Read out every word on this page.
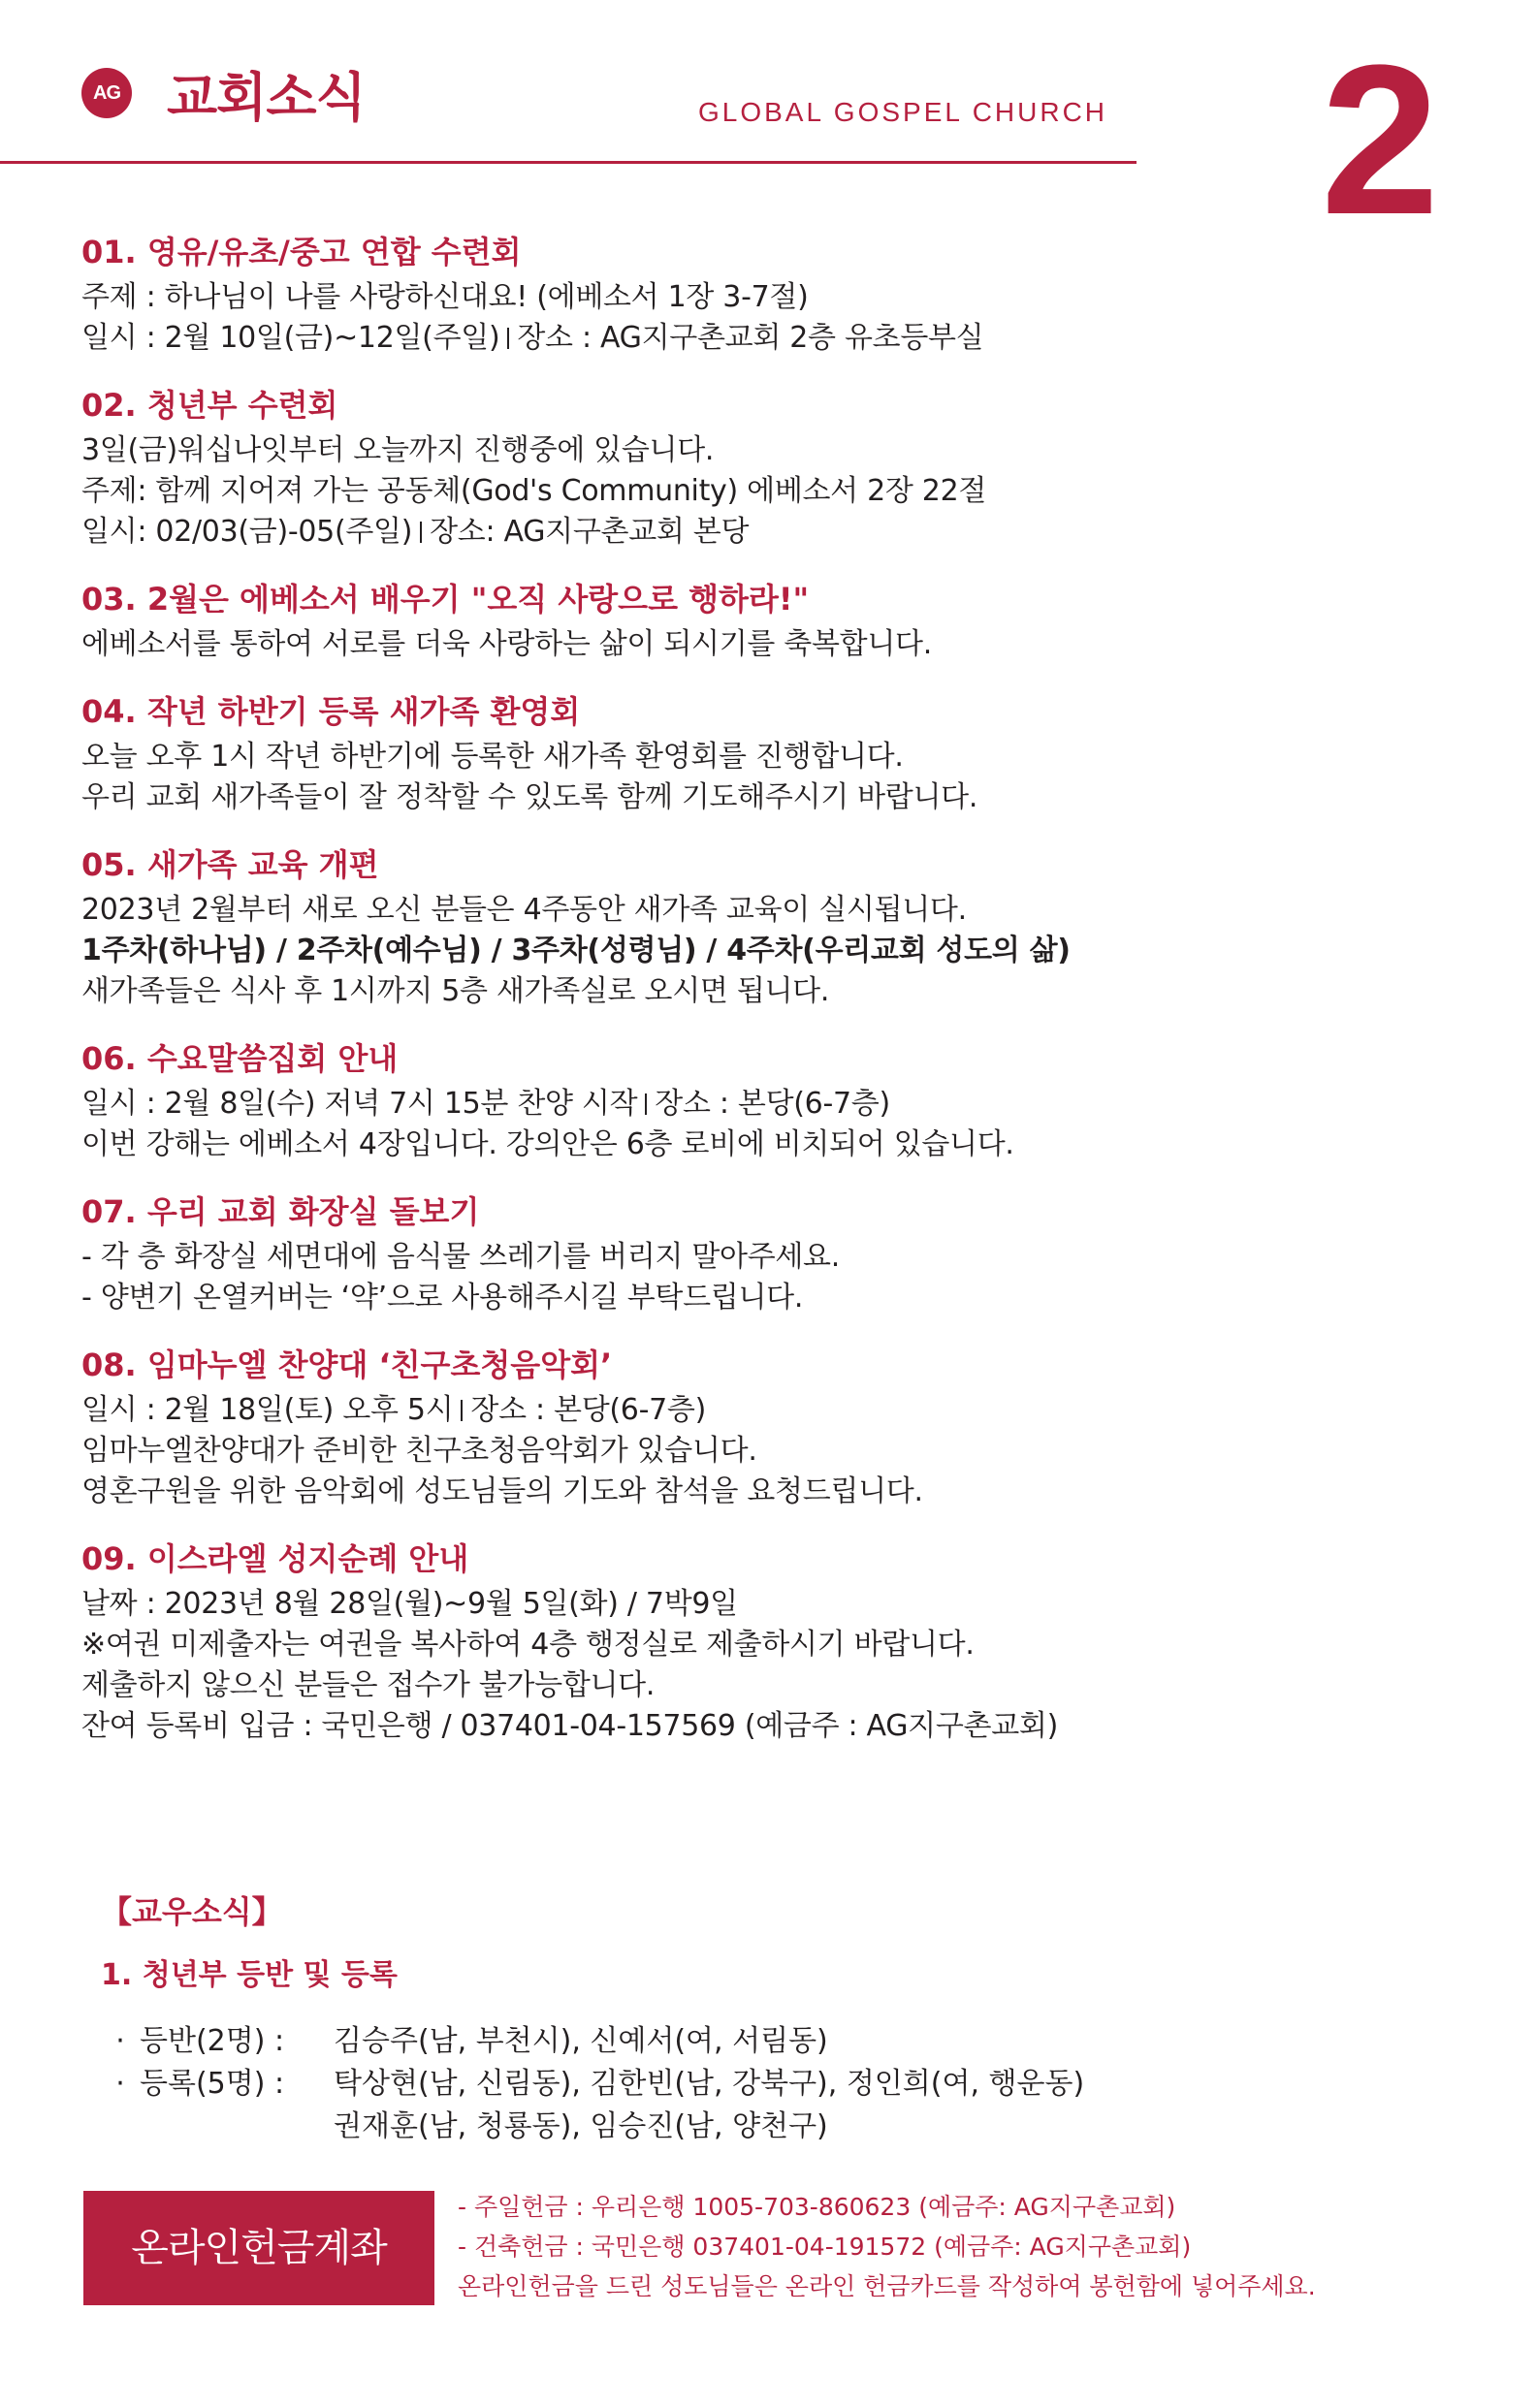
AG 교회소식	GLOBAL GOSPEL CHURCH 2
01. 영유/유초/중고 연합 수련회
주제 : 하나님이 나를 사랑하신대요! (에베소서 1장 3-7절)
일시 : 2월 10일(금)~12일(주일) 장소 : AG지구촌교회 2층 유초등부실
02. 청년부 수련회
3일(금)워십나잇부터 오늘까지 진행중에 있습니다.
주제: 함께 지어져 가는 공동체(God's Community) 에베소서 2장 22절
일시: 02/03(금)-05(주일) 장소: AG지구촌교회 본당
03. 2월은 에베소서 배우기 "오직 사랑으로 행하라!"
에베소서를 통하여 서로를 더욱 사랑하는 삶이 되시기를 축복합니다.
04. 작년 하반기 등록 새가족 환영회
오늘 오후 1시 작년 하반기에 등록한 새가족 환영회를 진행합니다.
우리 교회 새가족들이 잘 정착할 수 있도록 함께 기도해주시기 바랍니다.
05. 새가족 교육 개편
2023년 2월부터 새로 오신 분들은 4주동안 새가족 교육이 실시됩니다.
1주차(하나님) / 2주차(예수님) / 3주차(성령님) / 4주차(우리교회 성도의 삶)
새가족들은 식사 후 1시까지 5층 새가족실로 오시면 됩니다.
06. 수요말씀집회 안내
일시 : 2월 8일(수) 저녁 7시 15분 찬양 시작 장소 : 본당(6-7층)
이번 강해는 에베소서 4장입니다. 강의안은 6층 로비에 비치되어 있습니다.
07. 우리 교회 화장실 돌보기
- 각 층 화장실 세면대에 음식물 쓰레기를 버리지 말아주세요.
- 양변기 온열커버는 ‘약’으로 사용해주시길 부탁드립니다.
08. 임마누엘 찬양대 ‘친구초청음악회’
일시 : 2월 18일(토) 오후 5시 장소 : 본당(6-7층)
임마누엘찬양대가 준비한 친구초청음악회가 있습니다.
영혼구원을 위한 음악회에 성도님들의 기도와 참석을 요청드립니다.
09. 이스라엘 성지순례 안내
날짜 : 2023년 8월 28일(월)~9월 5일(화) / 7박9일
※여권 미제출자는 여권을 복사하여 4층 행정실로 제출하시기 바랍니다.
제출하지 않으신 분들은 접수가 불가능합니다.
잔여 등록비 입금 : 국민은행 / 037401-04-157569 (예금주 : AG지구촌교회)
【교우소식】
1. 청년부 등반 및 등록
· 등반(2명) :	김승주(남, 부천시), 신예서(여, 서림동)
· 등록(5명) :	탁상현(남, 신림동), 김한빈(남, 강북구), 정인희(여, 행운동)
권재훈(남, 청룡동), 임승진(남, 양천구)
온라인헌금계좌
- 주일헌금 : 우리은행 1005-703-860623 (예금주: AG지구촌교회)
- 건축헌금 : 국민은행 037401-04-191572 (예금주: AG지구촌교회)
온라인헌금을 드린 성도님들은 온라인 헌금카드를 작성하여 봉헌함에 넣어주세요.
